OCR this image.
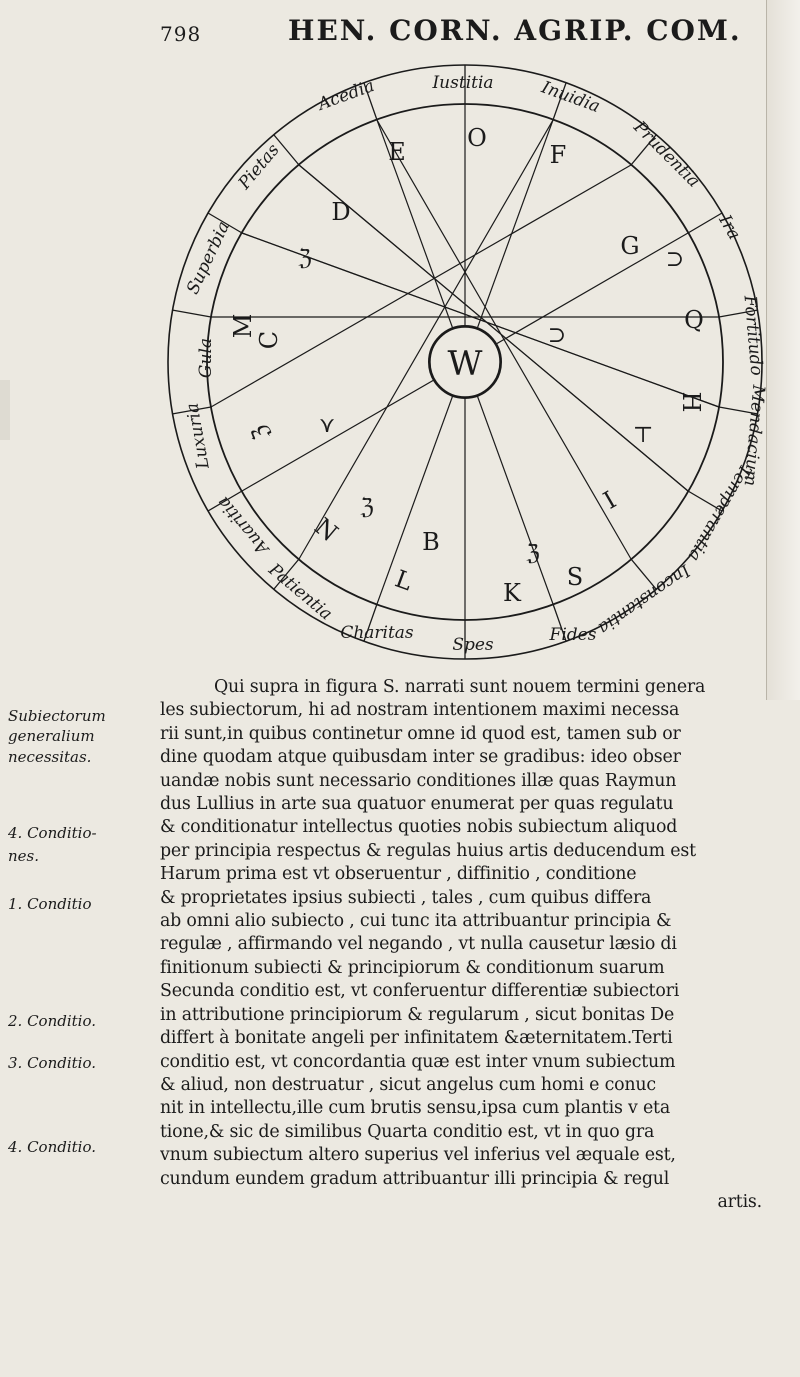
798	HEN. CORN. AGRIP. COM.
W
B
C
D
E	F
G
H
I
K
S
O
Q
M
L
N
Acedia	Iustitia	Inuidia
Prudentia
Ira
Fortitudo
Mendacium
Temperantia
Inconstantia
Fides
Spes
Charitas
Patientia
Pietas
Luxuria
Superbia
Gula
Auaritia
ℨ
ℨ
ℨ
ℨ
⋎
⊃
⊤
⊃
Subiectorum
generalium
necessitas.
4. Conditio-
nes.
1. Conditio
2. Conditio.
3. Conditio.
4. Conditio.
Qui supra in figura S. narrati sunt nouem termini genera
les subiectorum, hi ad nostram intentionem maximi necessa
rii sunt,in quibus continetur omne id quod est, tamen sub or
dine quodam atque quibusdam inter se gradibus: ideo obser
uandæ nobis sunt necessario conditiones illæ quas Raymun
dus Lullius in arte sua quatuor enumerat per quas regulatu
& conditionatur intellectus quoties nobis subiectum aliquod
per principia respectus & regulas huius artis deducendum est
Harum prima est vt obseruentur , diffinitio , conditione
& proprietates ipsius subiecti , tales , cum quibus differa
ab omni alio subiecto , cui tunc ita attribuantur principia &
regulæ , affirmando vel negando , vt nulla causetur læsio di
finitionum subiecti & principiorum & conditionum suarum
Secunda conditio est, vt conferuentur differentiæ subiectori
in attributione principiorum & regularum , sicut bonitas De
differt à bonitate angeli per infinitatem &æternitatem.Terti
conditio est, vt concordantia quæ est inter vnum subiectum
& aliud, non destruatur , sicut angelus cum homi e conuc
nit in intellectu,ille cum brutis sensu,ipsa cum plantis v eta
tione,& sic de similibus Quarta conditio est, vt in quo gra
vnum subiectum altero superius vel inferius vel æquale est,
cundum eundem gradum attribuantur illi principia & regul
artis.
